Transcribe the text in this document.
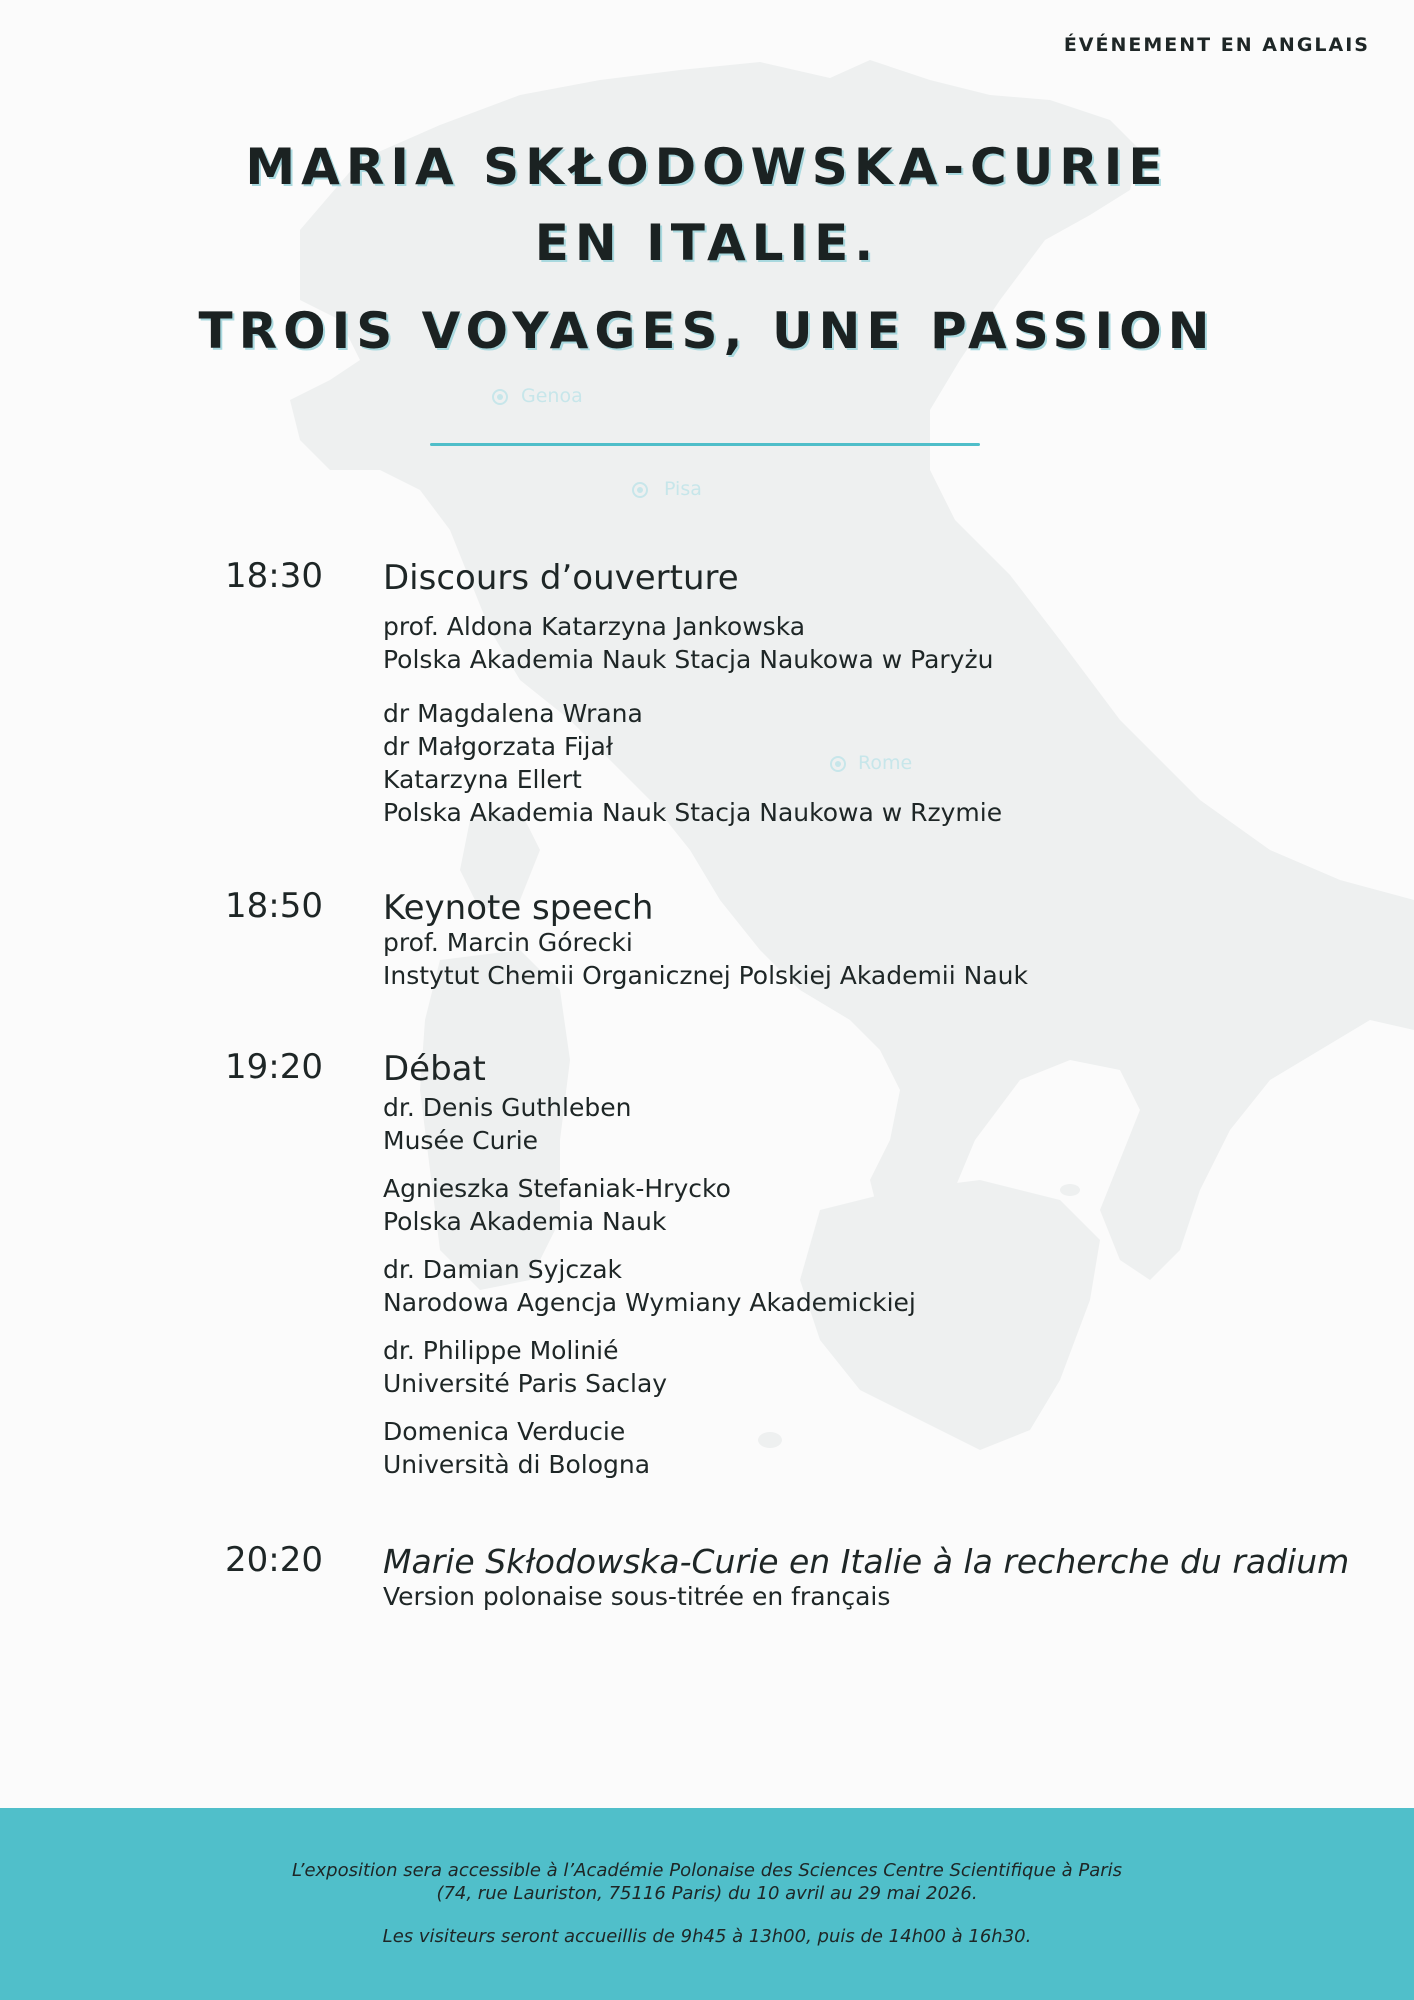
Genoa
Pisa
Rome
ÉVÉNEMENT EN ANGLAIS
MARIA SKŁODOWSKA-CURIE
EN ITALIE.
TROIS VOYAGES, UNE PASSION
18:30 Discours d’ouverture
prof. Aldona Katarzyna Jankowska
Polska Akademia Nauk Stacja Naukowa w Paryżu
dr Magdalena Wrana
dr Małgorzata Fijał
Katarzyna Ellert
Polska Akademia Nauk Stacja Naukowa w Rzymie
18:50 Keynote speech
prof. Marcin Górecki
Instytut Chemii Organicznej Polskiej Akademii Nauk
19:20 Débat
dr. Denis Guthleben
Musée Curie
Agnieszka Stefaniak-Hrycko
Polska Akademia Nauk
dr. Damian Syjczak
Narodowa Agencja Wymiany Akademickiej
dr. Philippe Molinié
Université Paris Saclay
Domenica Verducie
Università di Bologna
20:20 Marie Skłodowska-Curie en Italie à la recherche du radium
Version polonaise sous-titrée en français
L’exposition sera accessible à l’Académie Polonaise des Sciences Centre Scientifique à Paris
(74, rue Lauriston, 75116 Paris) du 10 avril au 29 mai 2026.
Les visiteurs seront accueillis de 9h45 à 13h00, puis de 14h00 à 16h30.
